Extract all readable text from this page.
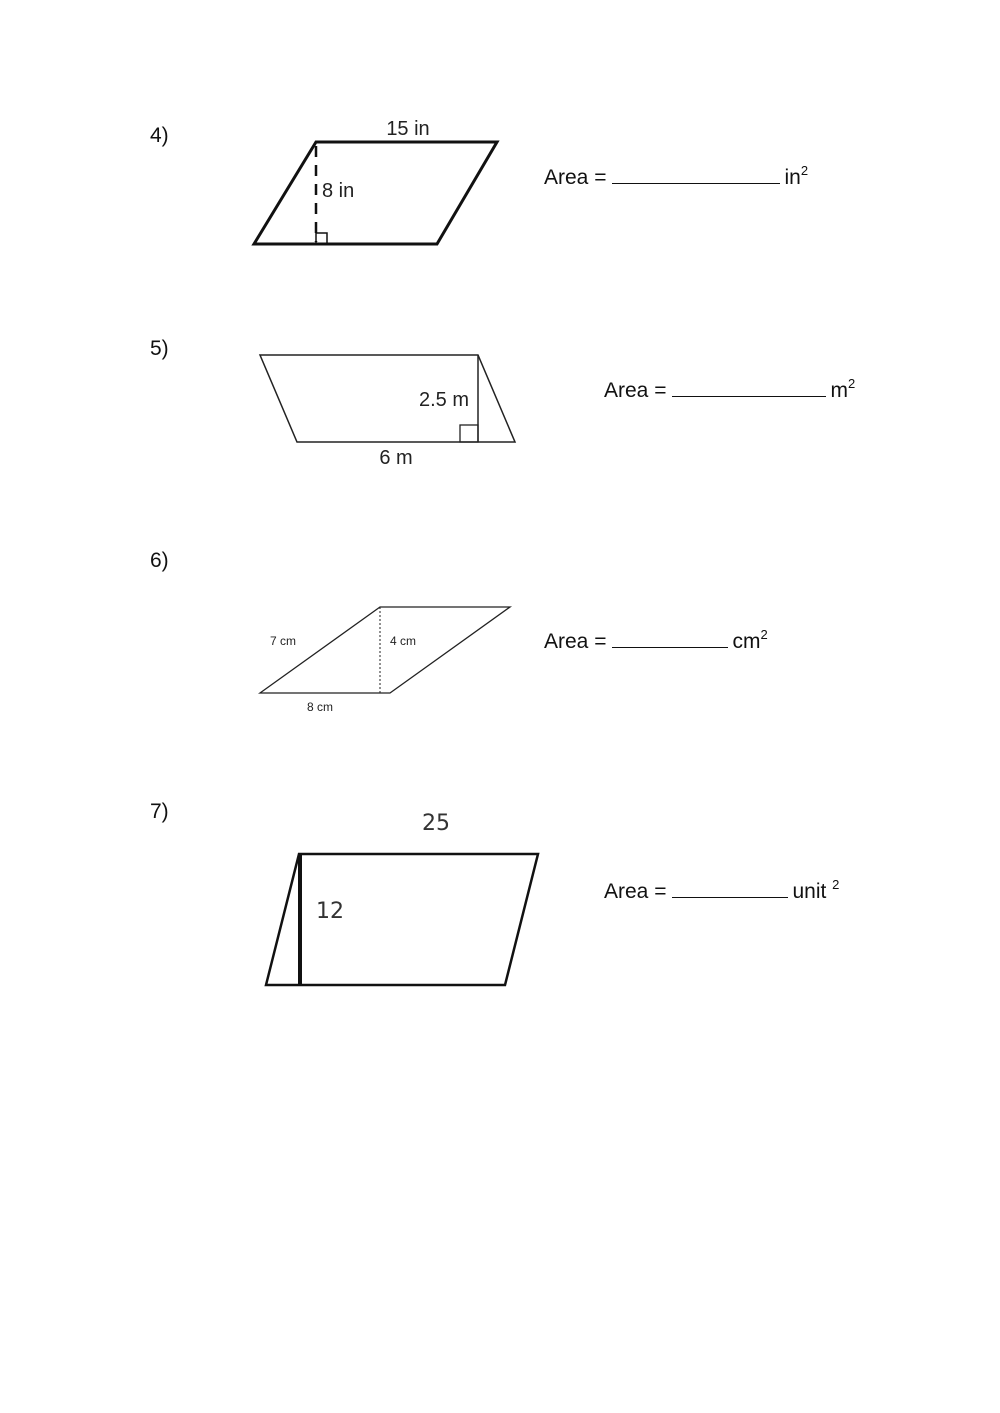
4)	15 in
8 in
Area =	$in^2$
5)
2.5 m
6 m
Area =	$m^2$
6)
7 cm	4 cm
8 cm
Area =	$cm^2$
7)	25
12
Area =	unit $^2$
